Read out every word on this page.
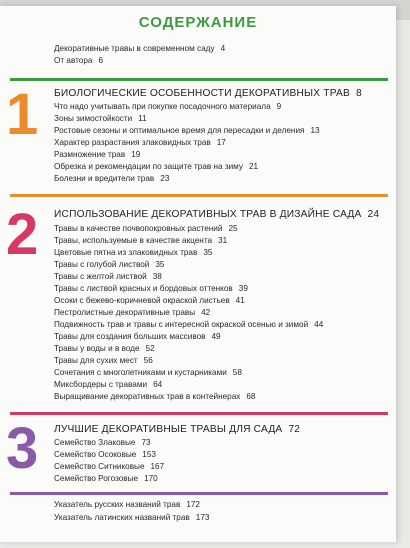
СОДЕРЖАНИЕ
Декоративные травы в современном саду 4
От автора 6
1 БИОЛОГИЧЕСКИЕ ОСОБЕННОСТИ ДЕКОРАТИВНЫХ ТРАВ 8
Что надо учитывать при покупке посадочного материала 9
Зоны зимостойкости 11
Ростовые сезоны и оптимальное время для пересадки и деления 13
Характер разрастания злаковидных трав 17
Размножение трав 19
Обрезка и рекомендации по защите трав на зиму 21
Болезни и вредители трав 23
2 ИСПОЛЬЗОВАНИЕ ДЕКОРАТИВНЫХ ТРАВ В ДИЗАЙНЕ САДА 24
Травы в качестве почвопокровных растений 25
Травы, используемые в качестве акцента 31
Цветовые пятна из злаковидных трав 35
Травы с голубой листвой 35
Травы с желтой листвой 38
Травы с листвой красных и бордовых оттенков 39
Осоки с бежево-коричневой окраской листьев 41
Пестролистные декоративные травы 42
Подвижность трав и травы с интересной окраской осенью и зимой 44
Травы для создания больших массивов 49
Травы у воды и в воде 52
Травы для сухих мест 56
Сочетания с многолетниками и кустарниками 58
Миксбордеры с травами 64
Выращивание декоративных трав в контейнерах 68
3 ЛУЧШИЕ ДЕКОРАТИВНЫЕ ТРАВЫ ДЛЯ САДА 72
Семейство Злаковые 73
Семейство Осоковые 153
Семейство Ситниковые 167
Семейство Рогозовые 170
Указатель русских названий трав 172
Указатель латинских названий трав 173
